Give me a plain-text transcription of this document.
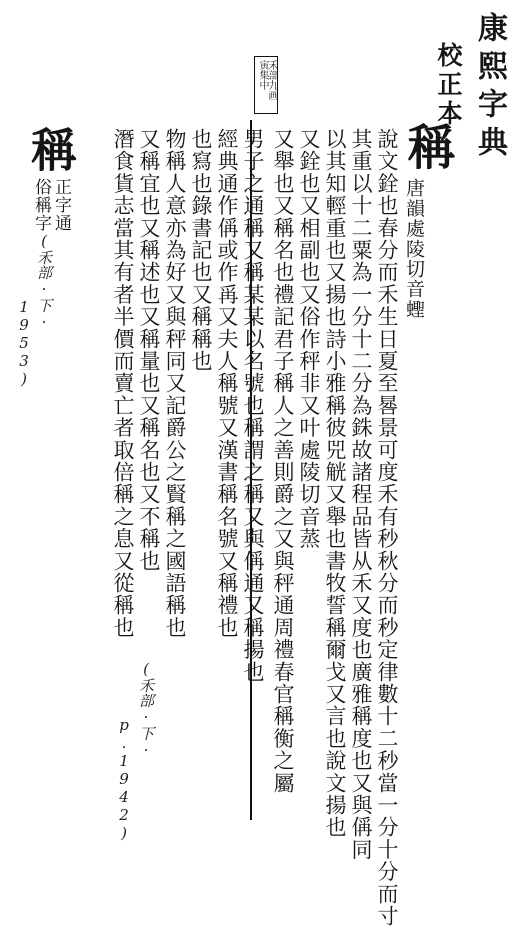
康熙字典
校正本
寅集中
禾部九画
稱
唐韻處陵切音蟶
說文銓也春分而禾生日夏至晷景可度禾有秒秋分而秒定律數十二秒當一分十分而寸
其重以十二粟為一分十二分為銖故諸程品皆从禾又度也廣雅稱度也又與偁同
以其知輕重也又揚也詩小雅稱彼兕觥又舉也書牧誓稱爾戈又言也說文揚也
又銓也又相副也又俗作秤非又叶處陵切音蒸
又舉也又稱名也禮記君子稱人之善則爵之又與秤通周禮春官稱衡之屬
男子之通稱又稱某某以名號也稱謂之稱又與偁通又稱揚也
經典通作偁或作爯又夫人稱號又漢書稱名號又稱禮也
也寫也錄書記也又稱稱也
物稱人意亦為好又與秤同又記爵公之賢稱之國語稱也
又稱宜也又稱述也又稱量也又稱名也又不稱也
潛食貨志當其有者半價而賣亡者取倍稱之息又從稱也
稱
正字通
俗稱字
(禾部·下·
1953)
(禾部·下·
p.1942)
